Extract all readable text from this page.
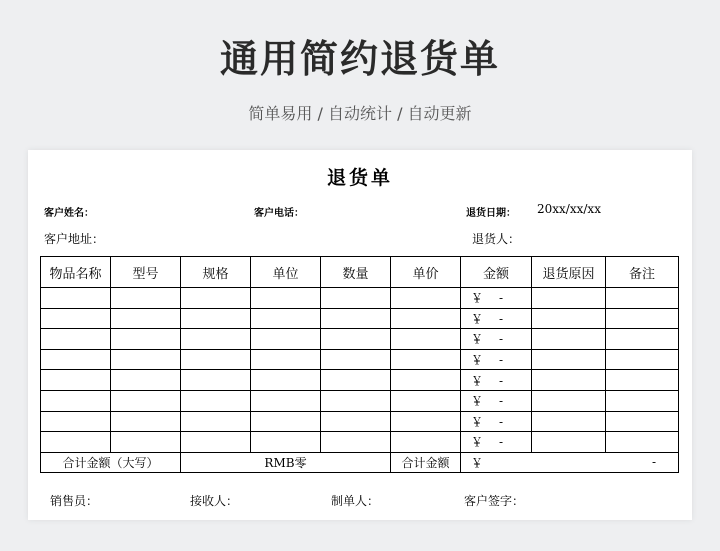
通用简约退货单
简单易用 / 自动统计 / 自动更新
退货单
客户姓名：	客户电话：	退货日期： 20xx/xx/xx
客户地址：	退货人：
物品名称	型号	规格	单位	数量	单价	金额	退货原因	备注
						￥ -		
						￥ -		
						￥ -		
						￥ -		
						￥ -		
						￥ -		
						￥ -		
						￥ -		
合计金额（大写）		RMB零			合计金额	￥ -		
销售员：	接收人：	制单人：	客户签字：
